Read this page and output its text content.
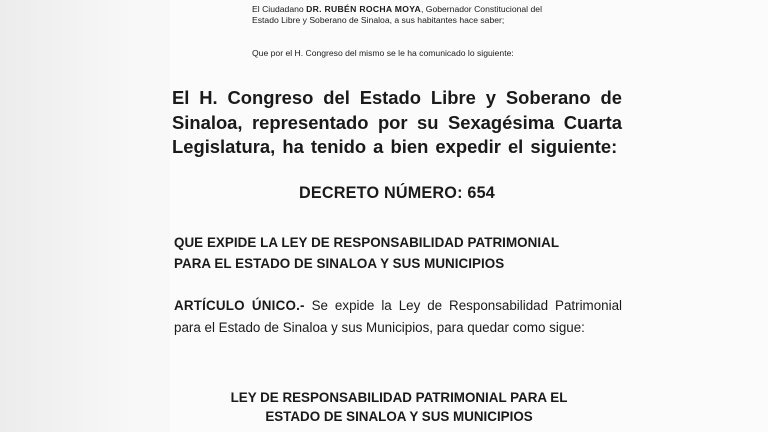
El Ciudadano DR. RUBÉN ROCHA MOYA, Gobernador Constitucional del Estado Libre y Soberano de Sinaloa, a sus habitantes hace saber;
Que por el H. Congreso del mismo se le ha comunicado lo siguiente:
El H. Congreso del Estado Libre y Soberano de Sinaloa, representado por su Sexagésima Cuarta Legislatura, ha tenido a bien expedir el siguiente:
DECRETO NÚMERO: 654
QUE EXPIDE LA LEY DE RESPONSABILIDAD PATRIMONIAL
PARA EL ESTADO DE SINALOA Y SUS MUNICIPIOS
ARTÍCULO ÚNICO.- Se expide la Ley de Responsabilidad Patrimonial para el Estado de Sinaloa y sus Municipios, para quedar como sigue:
LEY DE RESPONSABILIDAD PATRIMONIAL PARA EL
ESTADO DE SINALOA Y SUS MUNICIPIOS
